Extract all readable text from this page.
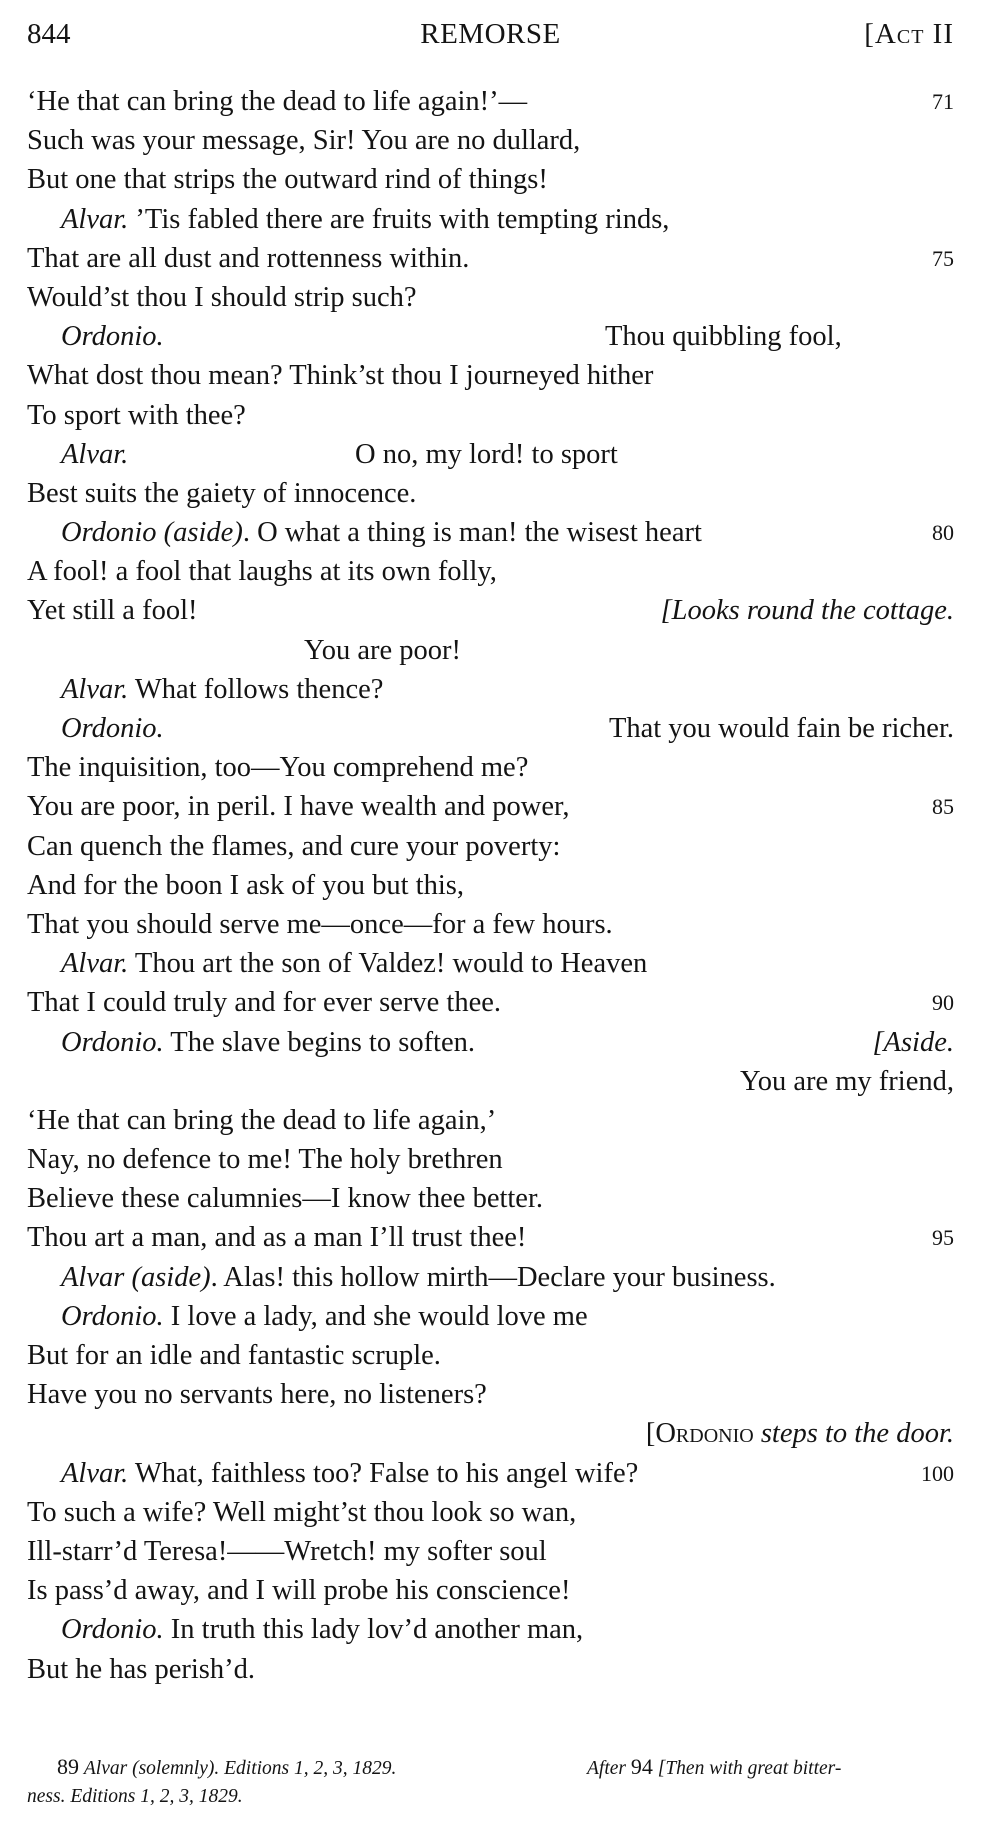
844	REMORSE	[Act II
‘He that can bring the dead to life again!’—	71
Such was your message, Sir! You are no dullard,
But one that strips the outward rind of things!
Alvar. ’Tis fabled there are fruits with tempting rinds,
That are all dust and rottenness within.	75
Would’st thou I should strip such?
Ordonio.	Thou quibbling fool,
What dost thou mean? Think’st thou I journeyed hither
To sport with thee?
Alvar.	O no, my lord! to sport
Best suits the gaiety of innocence.
Ordonio (aside). O what a thing is man! the wisest heart	80
A fool! a fool that laughs at its own folly,
Yet still a fool!	[Looks round the cottage.
You are poor!
Alvar. What follows thence?
Ordonio.	That you would fain be richer.
The inquisition, too—You comprehend me?
You are poor, in peril. I have wealth and power,	85
Can quench the flames, and cure your poverty:
And for the boon I ask of you but this,
That you should serve me—once—for a few hours.
Alvar. Thou art the son of Valdez! would to Heaven
That I could truly and for ever serve thee.	90
Ordonio. The slave begins to soften.	[Aside.
You are my friend,
‘He that can bring the dead to life again,’
Nay, no defence to me! The holy brethren
Believe these calumnies—I know thee better.
Thou art a man, and as a man I’ll trust thee!	95
Alvar (aside). Alas! this hollow mirth—Declare your business.
Ordonio. I love a lady, and she would love me
But for an idle and fantastic scruple.
Have you no servants here, no listeners?
[Ordonio steps to the door.
Alvar. What, faithless too? False to his angel wife?	100
To such a wife? Well might’st thou look so wan,
Ill-starr’d Teresa!——Wretch! my softer soul
Is pass’d away, and I will probe his conscience!
Ordonio. In truth this lady lov’d another man,
But he has perish’d.
89 Alvar (solemnly). Editions 1, 2, 3, 1829.	After 94 [Then with great bitter-
ness. Editions 1, 2, 3, 1829.
